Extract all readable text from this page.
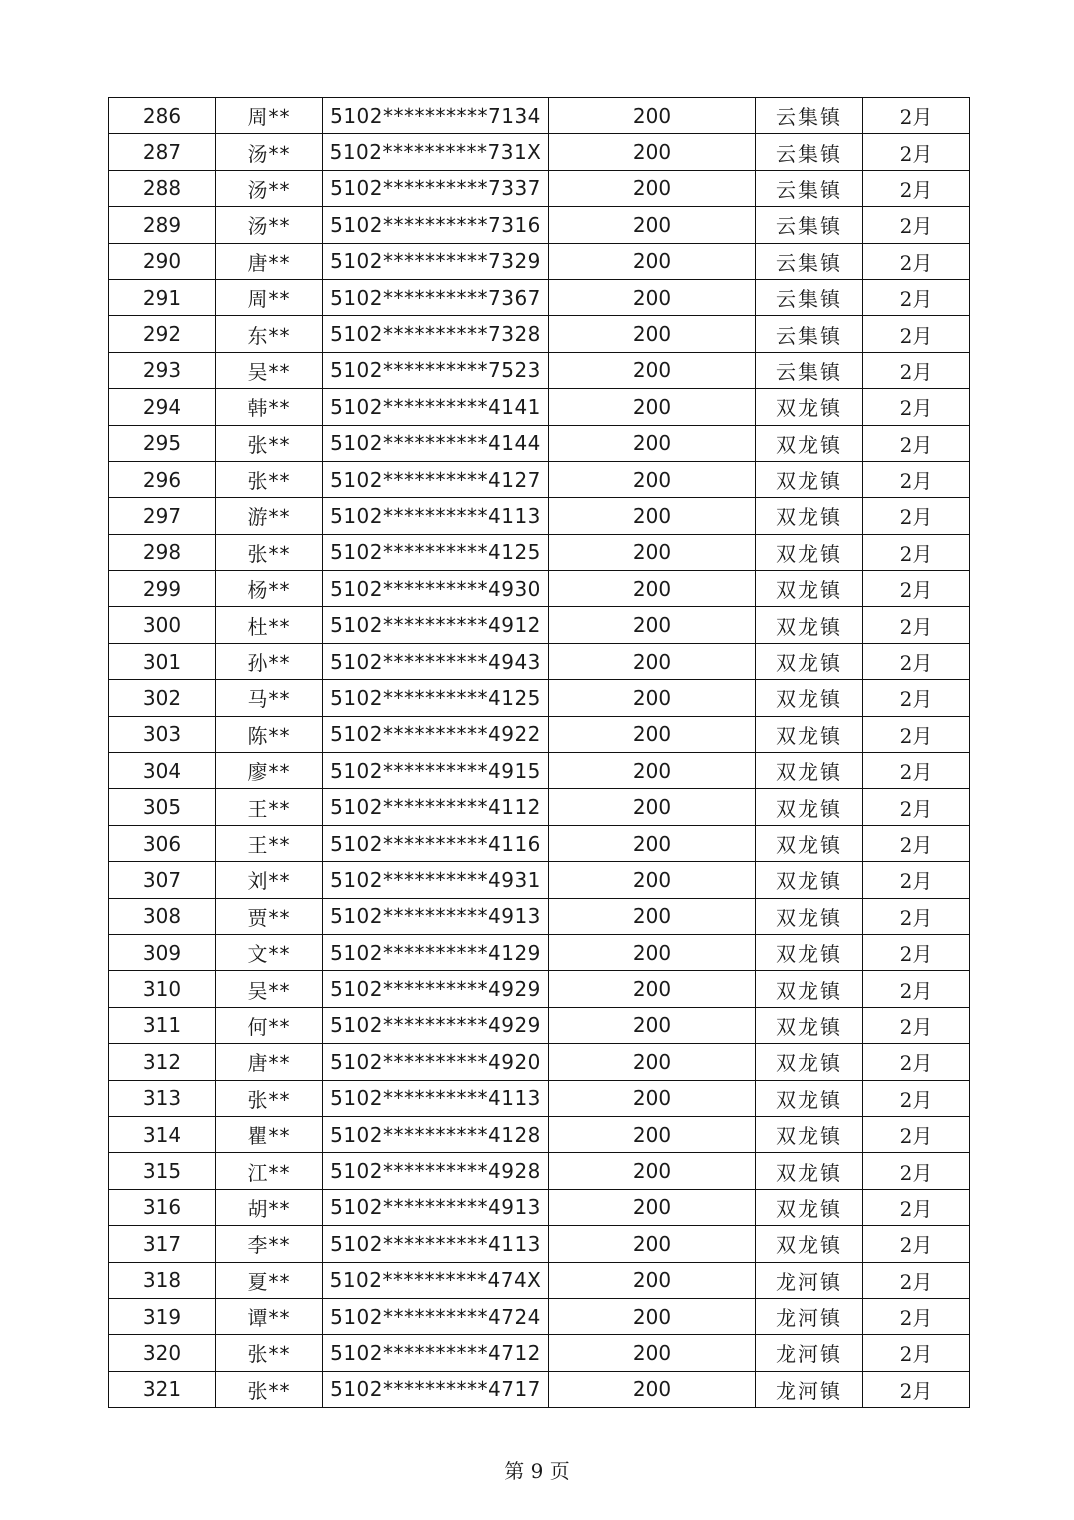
286	周**	5102**********7134	200	云集镇	2月
287	汤**	5102**********731X	200	云集镇	2月
288	汤**	5102**********7337	200	云集镇	2月
289	汤**	5102**********7316	200	云集镇	2月
290	唐**	5102**********7329	200	云集镇	2月
291	周**	5102**********7367	200	云集镇	2月
292	东**	5102**********7328	200	云集镇	2月
293	吴**	5102**********7523	200	云集镇	2月
294	韩**	5102**********4141	200	双龙镇	2月
295	张**	5102**********4144	200	双龙镇	2月
296	张**	5102**********4127	200	双龙镇	2月
297	游**	5102**********4113	200	双龙镇	2月
298	张**	5102**********4125	200	双龙镇	2月
299	杨**	5102**********4930	200	双龙镇	2月
300	杜**	5102**********4912	200	双龙镇	2月
301	孙**	5102**********4943	200	双龙镇	2月
302	马**	5102**********4125	200	双龙镇	2月
303	陈**	5102**********4922	200	双龙镇	2月
304	廖**	5102**********4915	200	双龙镇	2月
305	王**	5102**********4112	200	双龙镇	2月
306	王**	5102**********4116	200	双龙镇	2月
307	刘**	5102**********4931	200	双龙镇	2月
308	贾**	5102**********4913	200	双龙镇	2月
309	文**	5102**********4129	200	双龙镇	2月
310	吴**	5102**********4929	200	双龙镇	2月
311	何**	5102**********4929	200	双龙镇	2月
312	唐**	5102**********4920	200	双龙镇	2月
313	张**	5102**********4113	200	双龙镇	2月
314	瞿**	5102**********4128	200	双龙镇	2月
315	江**	5102**********4928	200	双龙镇	2月
316	胡**	5102**********4913	200	双龙镇	2月
317	李**	5102**********4113	200	双龙镇	2月
318	夏**	5102**********474X	200	龙河镇	2月
319	谭**	5102**********4724	200	龙河镇	2月
320	张**	5102**********4712	200	龙河镇	2月
321	张**	5102**********4717	200	龙河镇	2月
第 9 页
